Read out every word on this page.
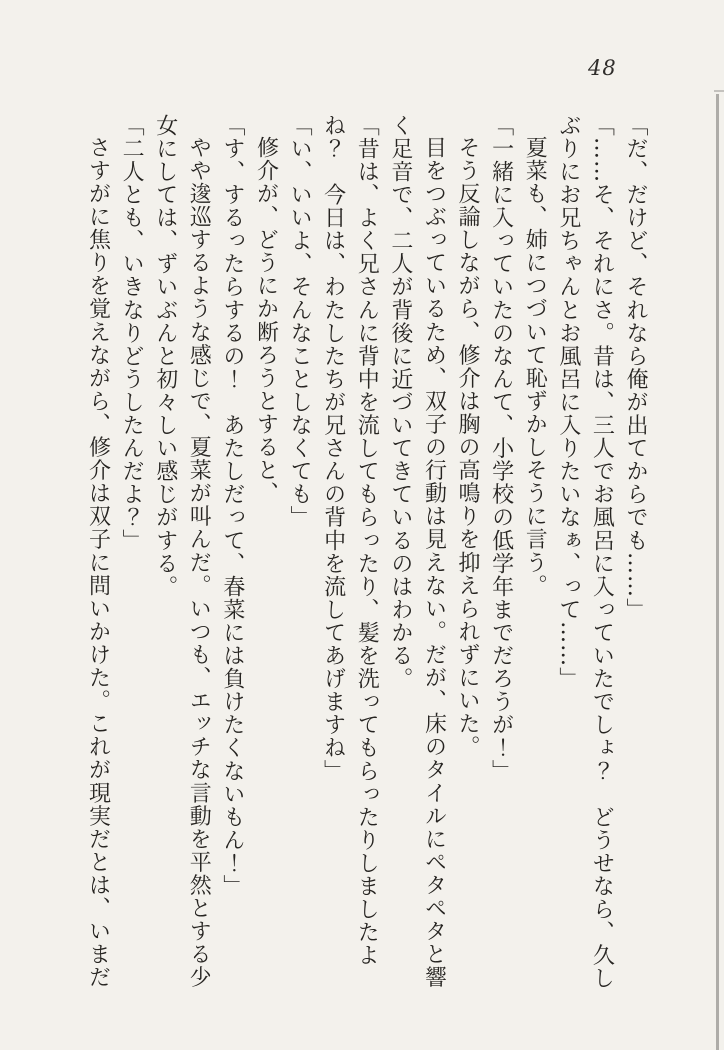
48

「だ、だけど、それなら俺が出てからでも……」

「……そ、それにさ。昔は、三人でお風呂に入っていたでしょ？　どうせなら、久しぶりにお兄ちゃんとお風呂に入りたいなぁ、って……」

夏菜も、姉につづいて恥ずかしそうに言う。

「一緒に入っていたのなんて、小学校の低学年までだろうが！」

そう反論しながら、修介は胸の高鳴りを抑えられずにいた。

目をつぶっているため、双子の行動は見えない。だが、床のタイルにペタペタと響く足音で、二人が背後に近づいてきているのはわかる。

「昔は、よく兄さんに背中を流してもらったり、髪を洗ってもらったりしましたよね？　今日は、わたしたちが兄さんの背中を流してあげますね」

「い、いいよ、そんなことしなくても」

修介が、どうにか断ろうとすると、

「す、するったらするの！　あたしだって、春菜には負けたくないもん！」

やや逡巡するような感じで、夏菜が叫んだ。いつも、エッチな言動を平然とする少女にしては、ずいぶんと初々しい感じがする。

「二人とも、いきなりどうしたんだよ？」

さすがに焦りを覚えながら、修介は双子に問いかけた。これが現実だとは、いまだ
